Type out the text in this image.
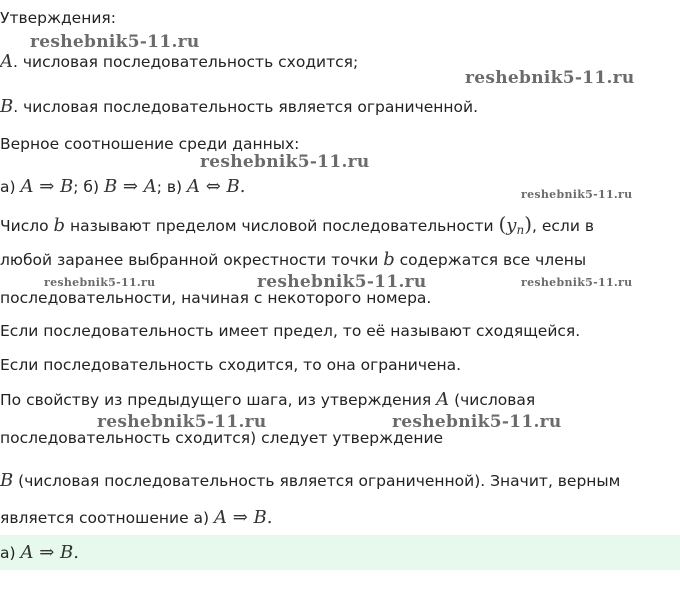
Утверждения:
A. числовая последовательность сходится;
B. числовая последовательность является ограниченной.
Верное соотношение среди данных:
а) A ⇒ B; б) B ⇒ A; в) A ⇔ B.
Число b называют пределом числовой последовательности $(y_n)$, если в
любой заранее выбранной окрестности точки b содержатся все члены
последовательности, начиная с некоторого номера.
Если последовательность имеет предел, то её называют сходящейся.
Если последовательность сходится, то она ограничена.
По свойству из предыдущего шага, из утверждения A (числовая
последовательность сходится) следует утверждение
B (числовая последовательность является ограниченной). Значит, верным
является соотношение а) A ⇒ B.
а) A ⇒ B.
reshebnik5-11.ru
reshebnik5-11.ru
reshebnik5-11.ru
reshebnik5-11.ru
reshebnik5-11.ru	reshebnik5-11.ru	reshebnik5-11.ru
reshebnik5-11.ru	reshebnik5-11.ru
